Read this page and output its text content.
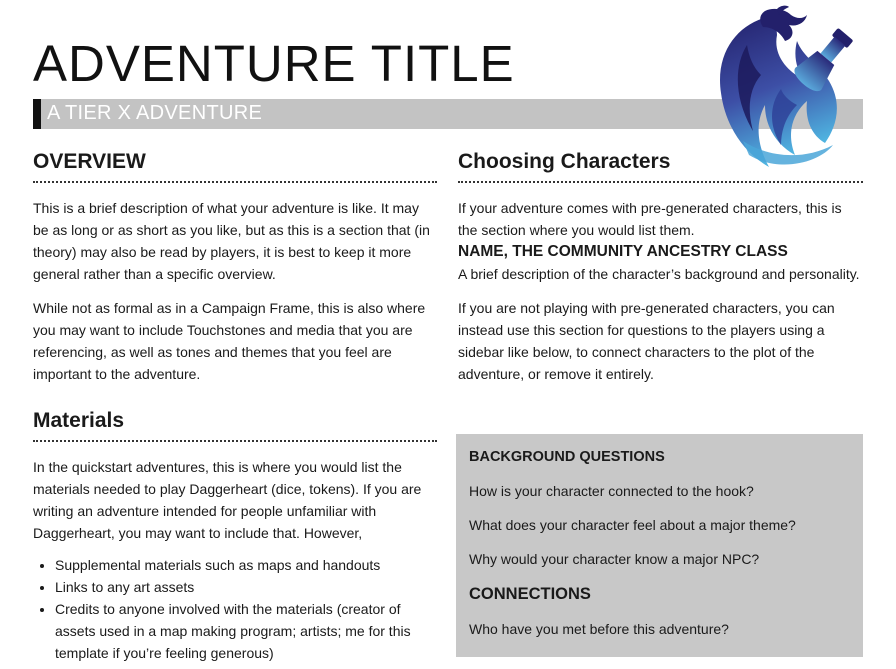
ADVENTURE TITLE
A TIER X ADVENTURE
OVERVIEW

This is a brief description of what your adventure is like. It may be as long or as short as you like, but as this is a section that (in theory) may also be read by players, it is best to keep it more general rather than a specific overview.

While not as formal as in a Campaign Frame, this is also where you may want to include Touchstones and media that you are referencing, as well as tones and themes that you feel are important to the adventure.

Materials

In the quickstart adventures, this is where you would list the materials needed to play Daggerheart (dice, tokens). If you are writing an adventure intended for people unfamiliar with Daggerheart, you may want to include that. However,

• Supplemental materials such as maps and handouts
• Links to any art assets
• Credits to anyone involved with the materials (creator of assets used in a map making program; artists; me for this template if you’re feeling generous)
Choosing Characters

If your adventure comes with pre-generated characters, this is the section where you would list them.

NAME, THE COMMUNITY ANCESTRY CLASS

A brief description of the character’s background and personality.

If you are not playing with pre-generated characters, you can instead use this section for questions to the players using a sidebar like below, to connect characters to the plot of the adventure, or remove it entirely.

BACKGROUND QUESTIONS
How is your character connected to the hook?
What does your character feel about a major theme?
Why would your character know a major NPC?
CONNECTIONS
Who have you met before this adventure?
